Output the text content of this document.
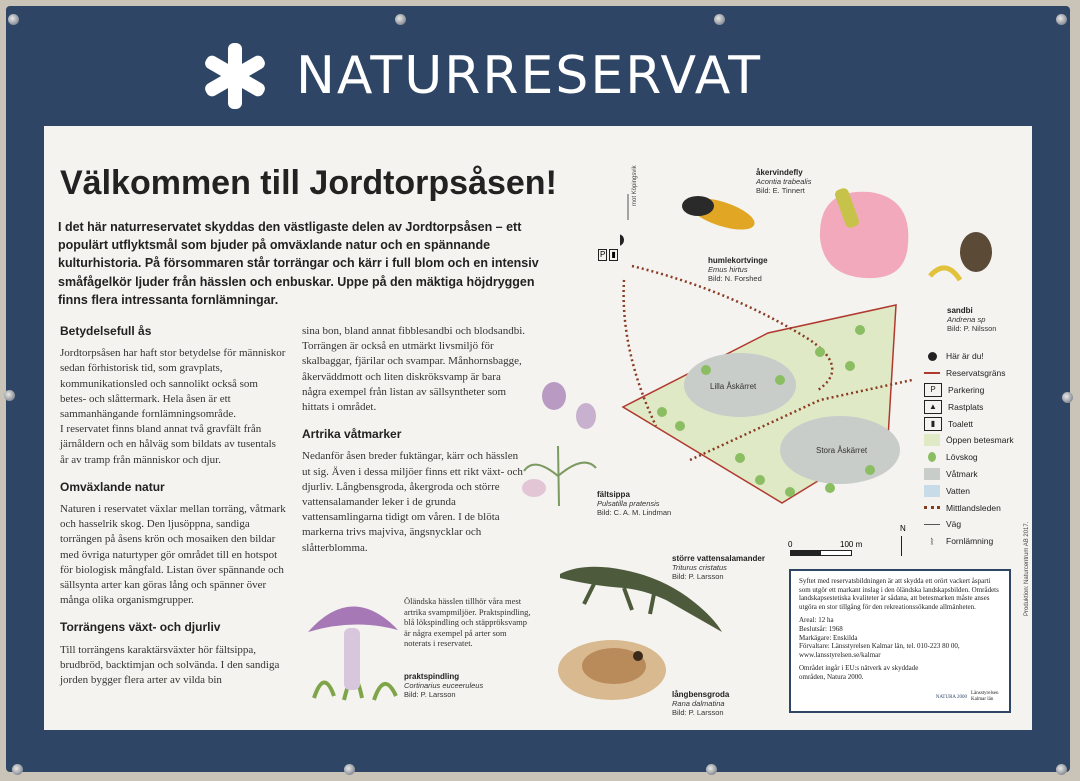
NATURRESERVAT
Välkommen till Jordtorpsåsen!
I det här naturreservatet skyddas den västligaste delen av Jordtorpsåsen – ett populärt utflyktsmål som bjuder på omväxlande natur och en spännande kulturhistoria. På försommaren står torrängar och kärr i full blom och en intensiv småfågelkör ljuder från hässlen och enbuskar. Uppe på den mäktiga höjdryggen finns flera intressanta fornlämningar.
Betydelsefull ås

Jordtorpsåsen har haft stor betydelse för människor sedan förhistorisk tid, som gravplats, kommunikationsled och sannolikt också som betes- och slåttermark. Hela åsen är ett sammanhängande fornlämningsområde.

I reservatet finns bland annat två gravfält från järnåldern och en hålväg som bildats av tusentals år av tramp från människor och djur.

Omväxlande natur

Naturen i reservatet växlar mellan torräng, våtmark och hasselrik skog. Den ljusöppna, sandiga torrängen på åsens krön och mosaiken den bildar med övriga naturtyper gör området till en hotspot för biologisk mångfald. Listan över spännande och sällsynta arter kan göras lång och spänner över många olika organismgrupper.

Torrängens växt- och djurliv

Till torrängens karaktärsväxter hör fältsippa, brudbröd, backtimjan och solvända. I den sandiga jorden bygger flera arter av vilda bin

sina bon, bland annat fibblesandbi och blodsandbi. Torrängen är också en utmärkt livsmiljö för skalbaggar, fjärilar och svampar. Månhornsbagge, åkerväddmott och liten diskröksvamp är bara några exempel från listan av sällsyntheter som hittats i området.

Artrika våtmarker

Nedanför åsen breder fuktängar, kärr och hässlen ut sig. Även i dessa miljöer finns ett rikt växt- och djurliv. Långbensgroda, åkergroda och större vattensalamander leker i de grunda vattensamlingarna tidigt om våren. I de blöta markerna trivs majviva, ängsnycklar och slåtterblomma.

Öländska hässlen tillhör våra mest artrika svampmiljöer. Praktspindling, blå lökspindling och stäppröksvamp är några exempel på arter som noterats i reservatet.
praktspindling
Cortinarius euceeruleus
Bild: P. Larsson
fältsippa
Pulsatilla pratensis
Bild: C. A. M. Lindman
större vattensalamander
Triturus cristatus
Bild: P. Larsson
långbensgroda
Rana dalmatina
Bild: P. Larsson
humlekortvinge
Emus hirtus
Bild: N. Forshed
åkervindefly
Acontia trabealis
Bild: E. Tinnert
sandbi
Andrena sp
Bild: P. Nilsson
Lilla Åskärret
Stora Åskärret
mot Köpingsvik
P ▮
0	100 m
N
Här är du!
Reservatsgräns
P	Parkering
▲	Rastplats
▮	Toalett
Öppen betesmark
Lövskog
Våtmark
Vatten
Mittlandsleden
Väg
ᚱ	Fornlämning

Syftet med reservatsbildningen är att skydda ett orört vackert åsparti som utgör ett markant inslag i den öländska landskapsbilden. Områdets landskapsestetiska kvaliteter är sådana, att betesmarken måste anses utgöra en stor tillgång för den rekreationssökande allmänheten.

Areal: 12 ha
Beslutsår: 1968
Markägare: Enskilda

Förvaltare: Länsstyrelsen Kalmar län, tel. 010-223 80 00, www.lansstyrelsen.se/kalmar

Området ingår i EU:s nätverk av skyddade områden, Natura 2000.
NATURA 2000
Länsstyrelsen Kalmar län
Produktion: Naturcentrum AB 2017.
